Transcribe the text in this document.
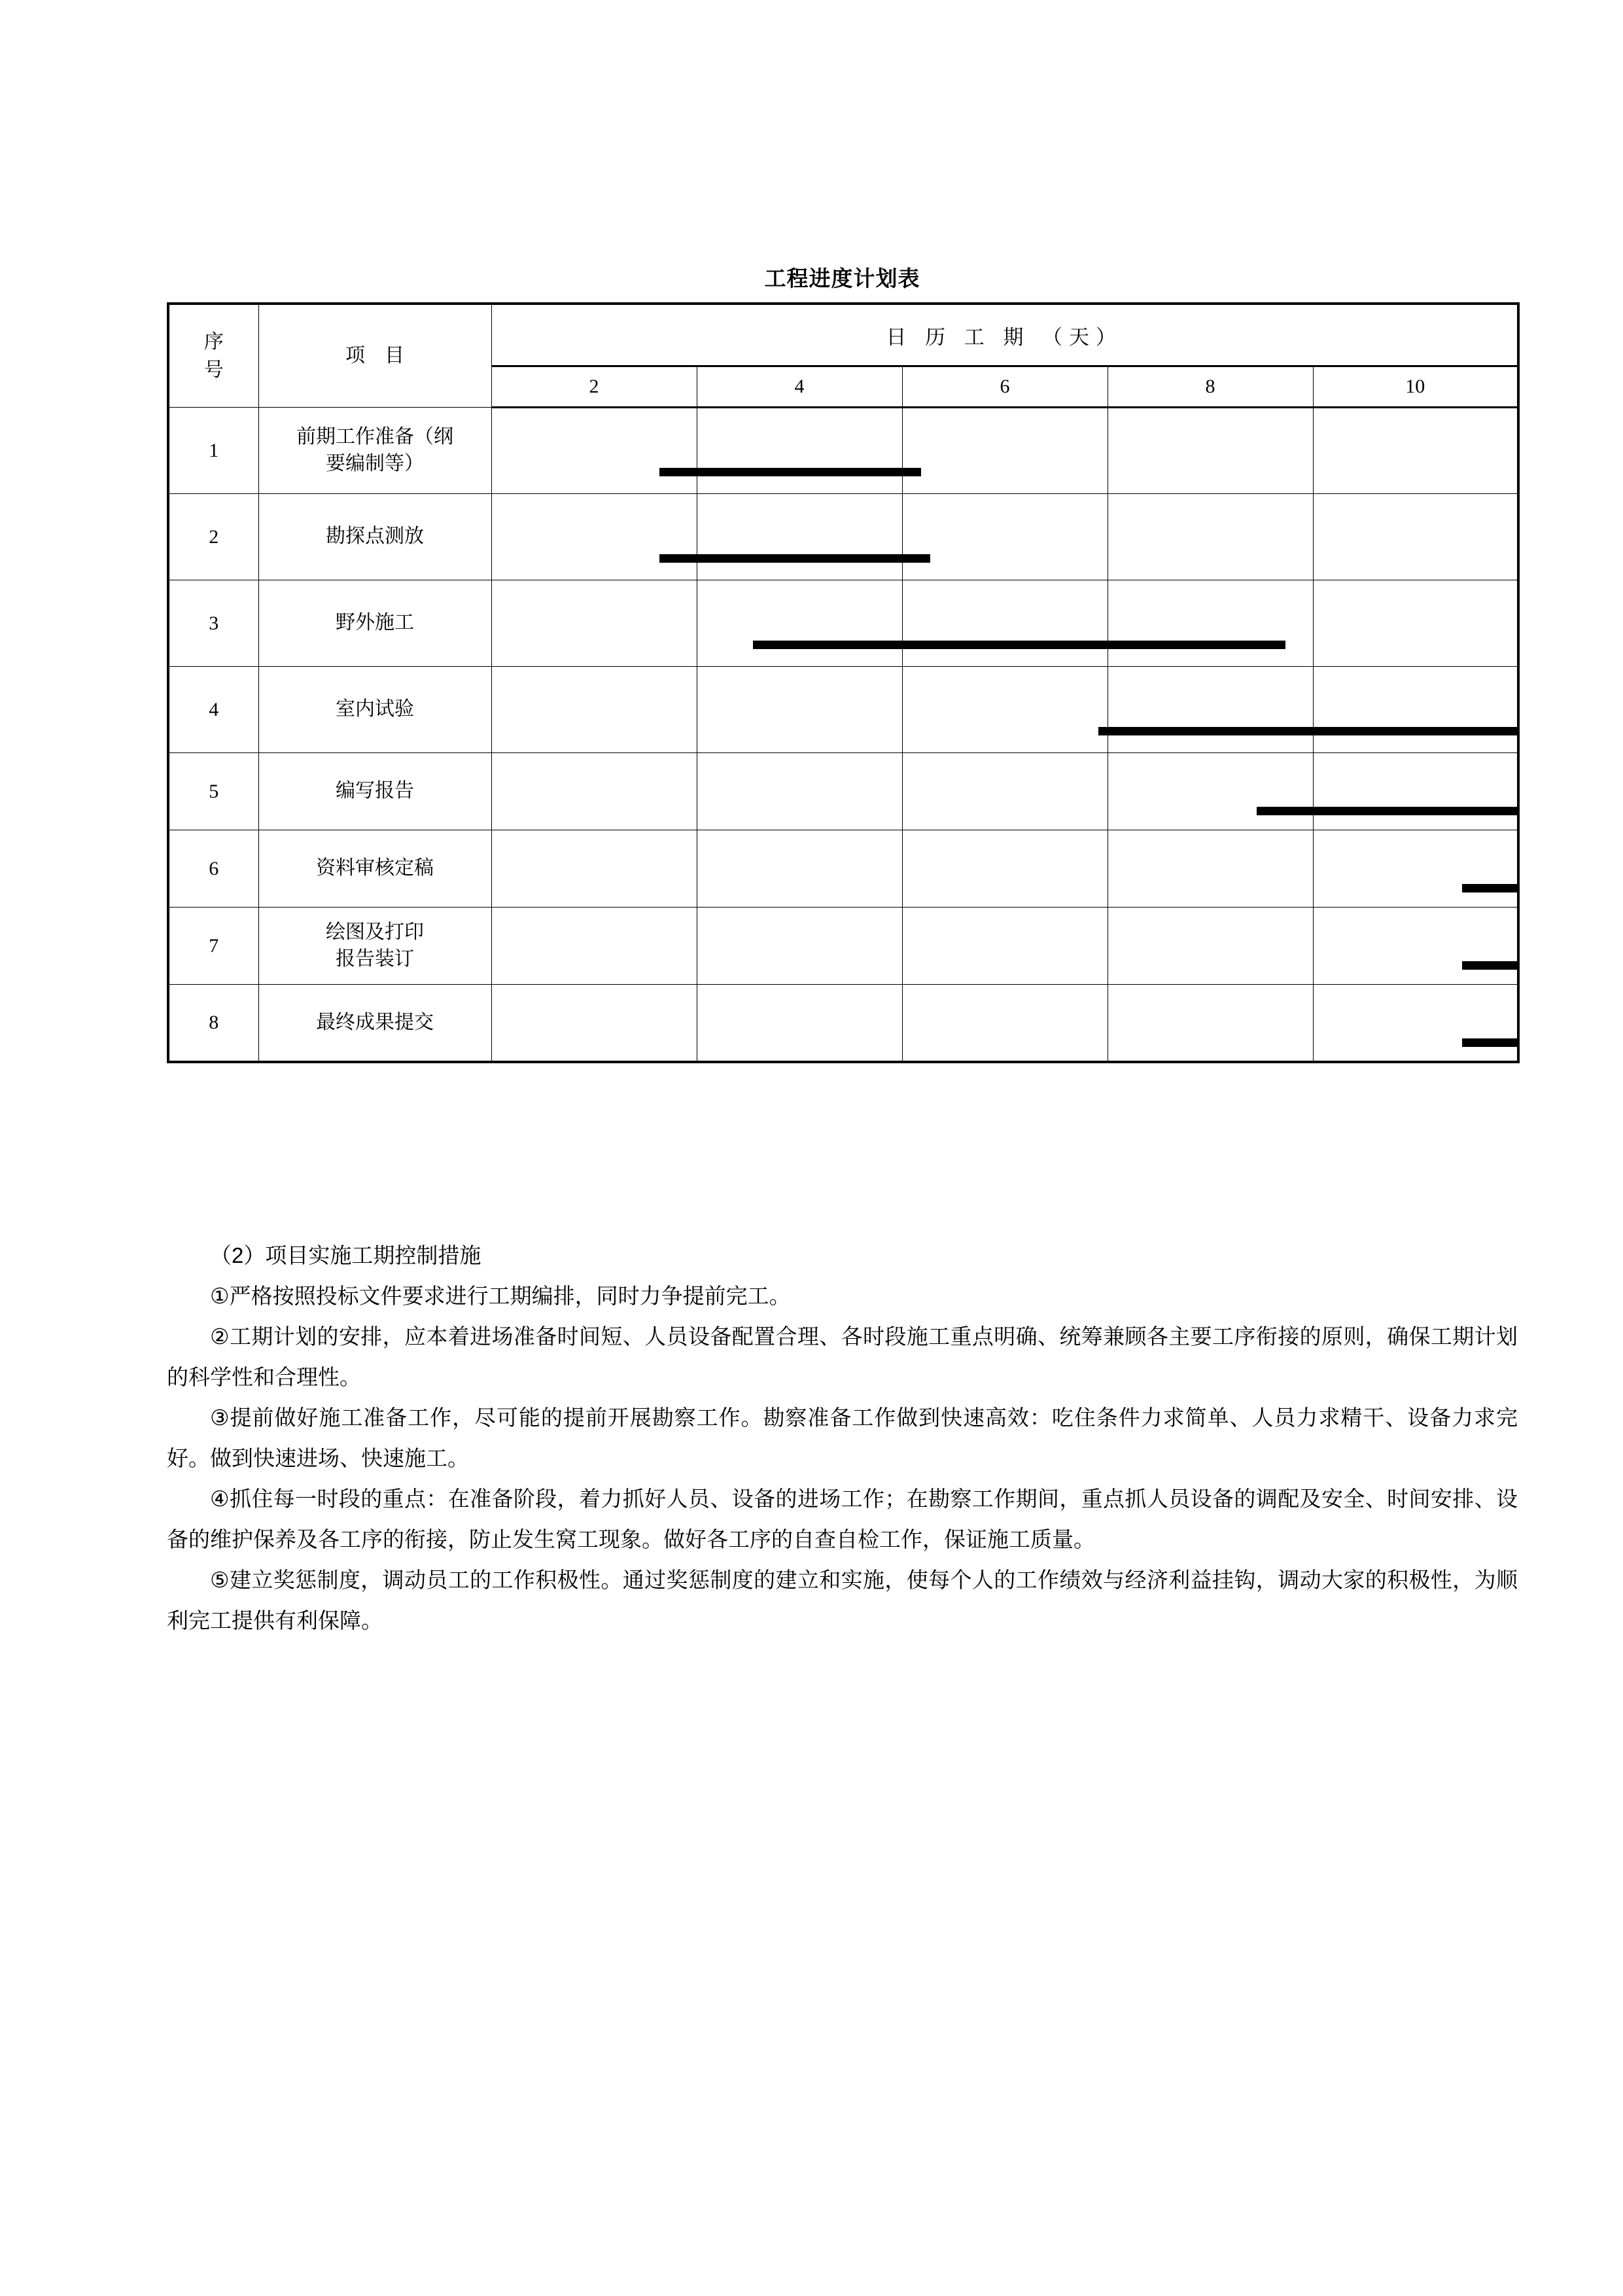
工程进度计划表
序
号	项　目	日 历 工 期 （天）				
		2	4	6	8	10
1	前期工作准备（纲
要编制等）					

2	勘探点测放					

3	野外施工					

4	室内试验					

5	编写报告					

6	资料审核定稿					

7	绘图及打印
报告装订					

8	最终成果提交					

（2）项目实施工期控制措施

①严格按照投标文件要求进行工期编排，同时力争提前完工。

②工期计划的安排，应本着进场准备时间短、人员设备配置合理、各时段施工重点明确、统筹兼顾各主要工序衔接的原则，确保工期计划的科学性和合理性。

③提前做好施工准备工作，尽可能的提前开展勘察工作。勘察准备工作做到快速高效：吃住条件力求简单、人员力求精干、设备力求完好。做到快速进场、快速施工。

④抓住每一时段的重点：在准备阶段，着力抓好人员、设备的进场工作；在勘察工作期间，重点抓人员设备的调配及安全、时间安排、设备的维护保养及各工序的衔接，防止发生窝工现象。做好各工序的自查自检工作，保证施工质量。

⑤建立奖惩制度，调动员工的工作积极性。通过奖惩制度的建立和实施，使每个人的工作绩效与经济利益挂钩，调动大家的积极性，为顺利完工提供有利保障。
